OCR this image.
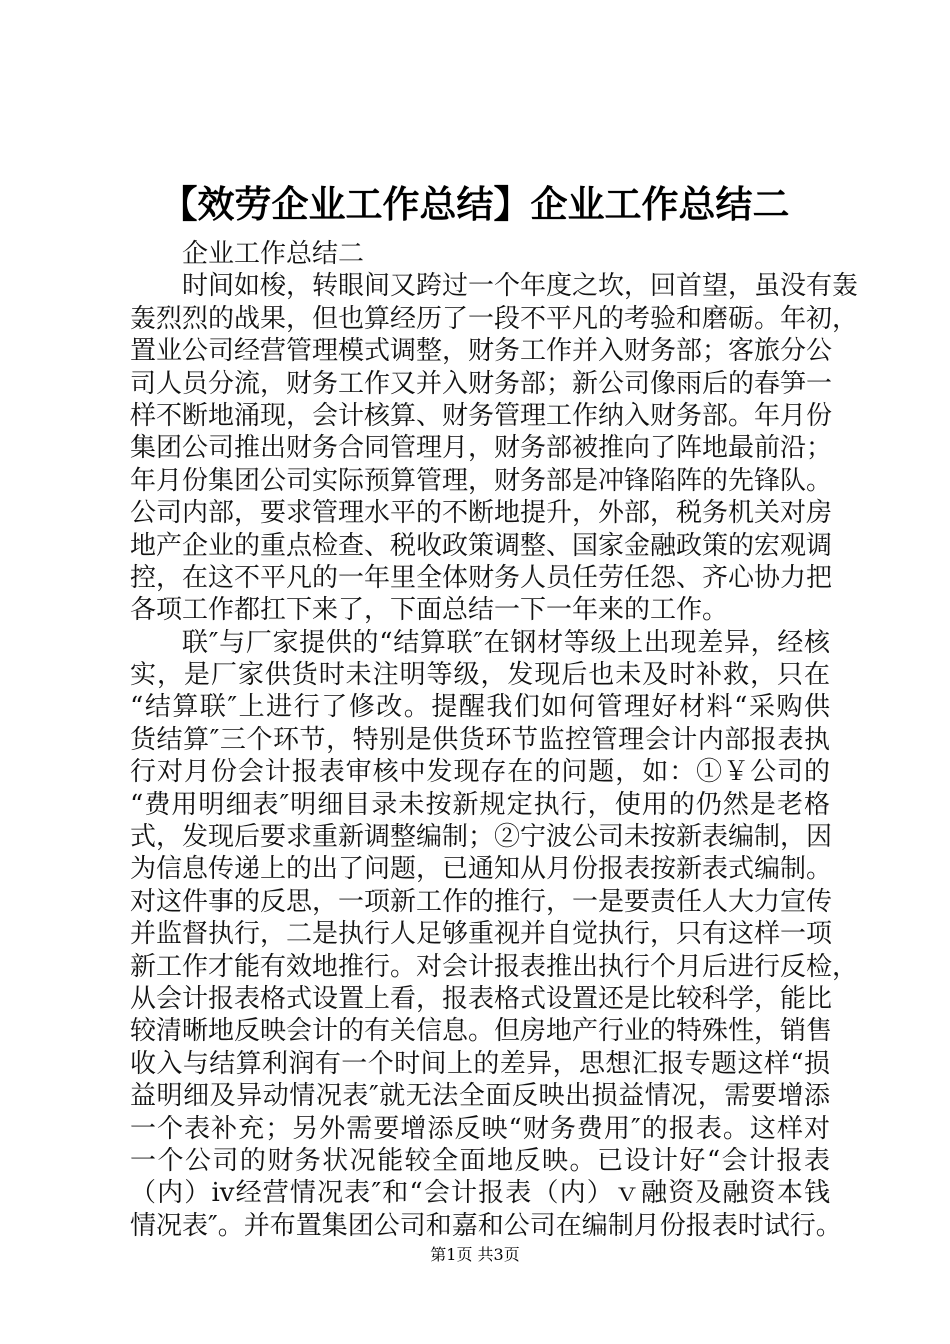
【效劳企业工作总结】企业工作总结二
企业工作总结二
时间如梭，转眼间又跨过一个年度之坎，回首望，虽没有轰
轰烈烈的战果，但也算经历了一段不平凡的考验和磨砺。年初，
置业公司经营管理模式调整，财务工作并入财务部；客旅分公
司人员分流，财务工作又并入财务部；新公司像雨后的春笋一
样不断地涌现，会计核算、财务管理工作纳入财务部。年月份
集团公司推出财务合同管理月，财务部被推向了阵地最前沿；
年月份集团公司实际预算管理，财务部是冲锋陷阵的先锋队。
公司内部，要求管理水平的不断地提升，外部，税务机关对房
地产企业的重点检查、税收政策调整、国家金融政策的宏观调
控，在这不平凡的一年里全体财务人员任劳任怨、齐心协力把
各项工作都扛下来了，下面总结一下一年来的工作。
联″与厂家提供的“结算联″在钢材等级上出现差异，经核
实，是厂家供货时未注明等级，发现后也未及时补救，只在
“结算联″上进行了修改。提醒我们如何管理好材料“采购供
货结算″三个环节，特别是供货环节监控管理会计内部报表执
行对月份会计报表审核中发现存在的问题，如：①￥公司的
“费用明细表″明细目录未按新规定执行，使用的仍然是老格
式，发现后要求重新调整编制；②宁波公司未按新表编制，因
为信息传递上的出了问题，已通知从月份报表按新表式编制。
对这件事的反思，一项新工作的推行，一是要责任人大力宣传
并监督执行，二是执行人足够重视并自觉执行，只有这样一项
新工作才能有效地推行。对会计报表推出执行个月后进行反检，
从会计报表格式设置上看，报表格式设置还是比较科学，能比
较清晰地反映会计的有关信息。但房地产行业的特殊性，销售
收入与结算利润有一个时间上的差异，思想汇报专题这样“损
益明细及异动情况表″就无法全面反映出损益情况，需要增添
一个表补充；另外需要增添反映“财务费用″的报表。这样对
一个公司的财务状况能较全面地反映。已设计好“会计报表
（内）iv经营情况表″和“会计报表（内）ｖ融资及融资本钱
情况表″。并布置集团公司和嘉和公司在编制月份报表时试行。
第1页 共3页
